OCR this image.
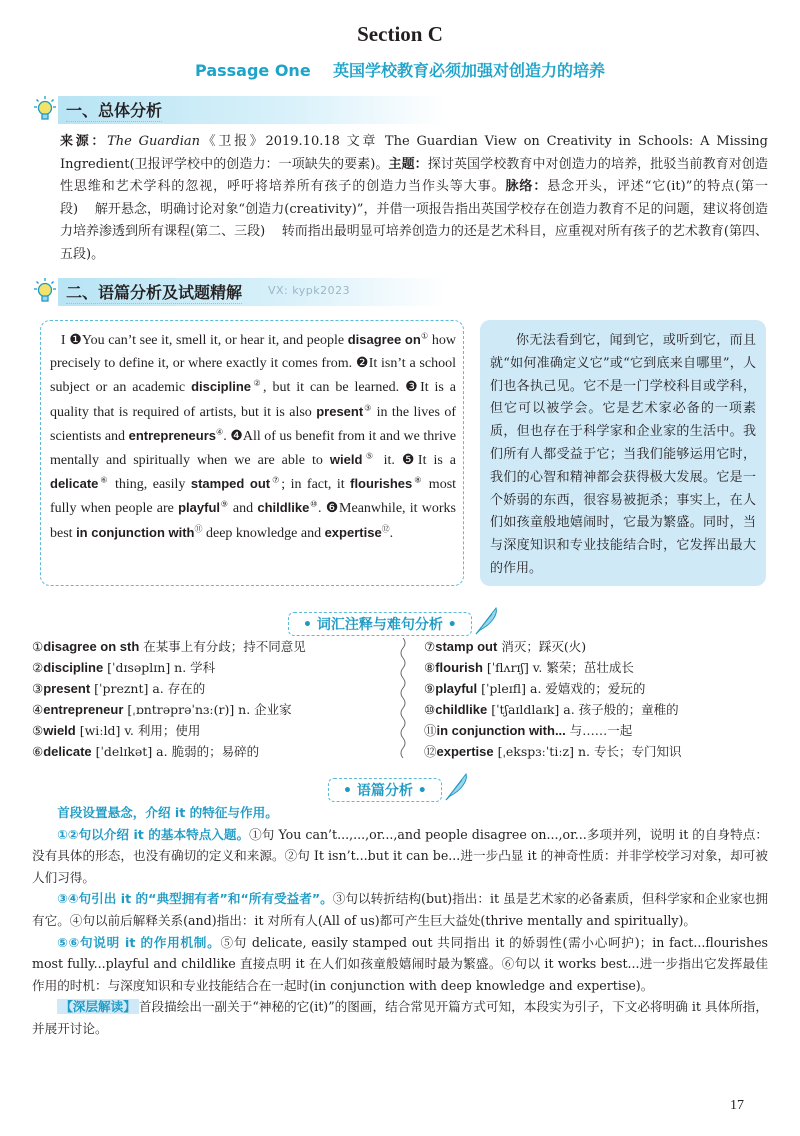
Section C
Passage One 英国学校教育必须加强对创造力的培养
一、总体分析
来源：The Guardian《卫报》2019.10.18 文章 The Guardian View on Creativity in Schools: A Missing Ingredient(卫报评学校中的创造力：一项缺失的要素)。主题：探讨英国学校教育中对创造力的培养，批驳当前教育对创造性思维和艺术学科的忽视，呼吁将培养所有孩子的创造力当作头等大事。脉络：悬念开头，评述“它(it)”的特点(第一段) 解开悬念，明确讨论对象“创造力(creativity)”，并借一项报告指出英国学校存在创造力教育不足的问题，建议将创造力培养渗透到所有课程(第二、三段) 转而指出最明显可培养创造力的还是艺术科目，应重视对所有孩子的艺术教育(第四、五段)。
二、语篇分析及试题精解 VX: kypk2023
I ❶You can’t see it, smell it, or hear it, and people disagree on① how precisely to define it, or where exactly it comes from. ❷It isn’t a school subject or an academic discipline②, but it can be learned. ❸It is a quality that is required of artists, but it is also present③ in the lives of scientists and entrepreneurs④. ❹All of us benefit from it and we thrive mentally and spiritually when we are able to wield⑤ it. ❺It is a delicate⑥ thing, easily stamped out⑦; in fact, it flourishes⑧ most fully when people are playful⑨ and childlike⑩. ❻Meanwhile, it works best in conjunction with⑪ deep knowledge and expertise⑫.
你无法看到它，闻到它，或听到它，而且就“如何准确定义它”或“它到底来自哪里”，人们也各执己见。它不是一门学校科目或学科，但它可以被学会。它是艺术家必备的一项素质，但也存在于科学家和企业家的生活中。我们所有人都受益于它；当我们能够运用它时，我们的心智和精神都会获得极大发展。它是一个娇弱的东西，很容易被扼杀；事实上，在人们如孩童般地嬉闹时，它最为繁盛。同时，当与深度知识和专业技能结合时，它发挥出最大的作用。
• 词汇注释与难句分析 •
①disagree on sth 在某事上有分歧；持不同意见
②discipline [ˈdɪsəplɪn] n. 学科
③present [ˈpreznt] a. 存在的
④entrepreneur [ˌɒntrəprəˈnɜː(r)] n. 企业家
⑤wield [wiːld] v. 利用；使用
⑥delicate [ˈdelɪkət] a. 脆弱的；易碎的
⑦stamp out 消灭；踩灭(火)
⑧flourish [ˈflʌrɪʃ] v. 繁荣；茁壮成长
⑨playful [ˈpleɪfl] a. 爱嬉戏的；爱玩的
⑩childlike [ˈtʃaɪldlaɪk] a. 孩子般的；童稚的
⑪in conjunction with... 与……一起
⑫expertise [ˌekspɜːˈtiːz] n. 专长；专门知识
• 语篇分析 •

首段设置悬念，介绍 it 的特征与作用。

①②句以介绍 it 的基本特点入题。①句 You can’t...,...,or...,and people disagree on...,or...多项并列，说明 it 的自身特点：没有具体的形态，也没有确切的定义和来源。②句 It isn’t...but it can be...进一步凸显 it 的神奇性质：并非学校学习对象，却可被人们习得。

③④句引出 it 的“典型拥有者”和“所有受益者”。③句以转折结构(but)指出：it 虽是艺术家的必备素质，但科学家和企业家也拥有它。④句以前后解释关系(and)指出：it 对所有人(All of us)都可产生巨大益处(thrive mentally and spiritually)。

⑤⑥句说明 it 的作用机制。⑤句 delicate, easily stamped out 共同指出 it 的娇弱性(需小心呵护)；in fact...flourishes most fully...playful and childlike 直接点明 it 在人们如孩童般嬉闹时最为繁盛。⑥句以 it works best...进一步指出它发挥最佳作用的时机：与深度知识和专业技能结合在一起时(in conjunction with deep knowledge and expertise)。

【深层解读】 首段描绘出一副关于“神秘的它(it)”的图画，结合常见开篇方式可知，本段实为引子，下文必将明确 it 具体所指，并展开讨论。

17
